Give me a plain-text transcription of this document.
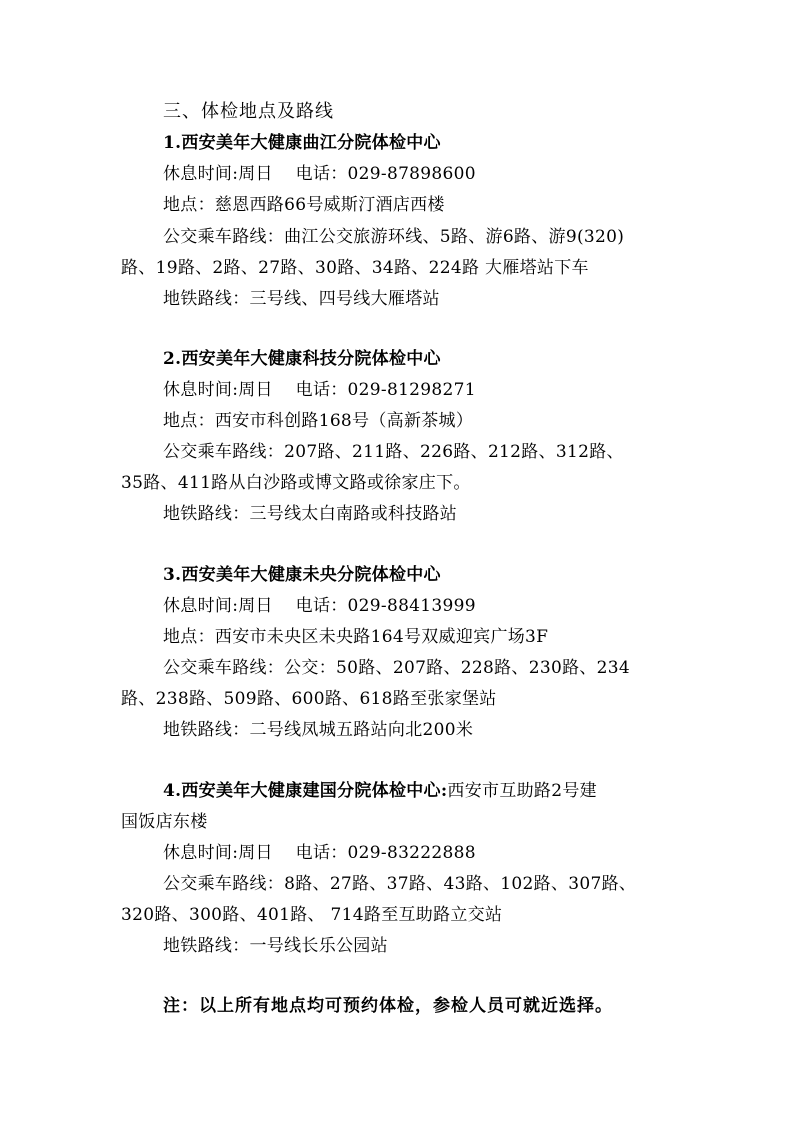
三、体检地点及路线
1.西安美年大健康曲江分院体检中心
休息时间:周日 电话：029-87898600
地点：慈恩西路66号威斯汀酒店西楼
公交乘车路线：曲江公交旅游环线、5路、游6路、游9(320)
路、19路、2路、27路、30路、34路、224路 大雁塔站下车
地铁路线：三号线、四号线大雁塔站
2.西安美年大健康科技分院体检中心
休息时间:周日 电话：029-81298271
地点：西安市科创路168号（高新茶城）
公交乘车路线：207路、211路、226路、212路、312路、
35路、411路从白沙路或博文路或徐家庄下。
地铁路线：三号线太白南路或科技路站
3.西安美年大健康未央分院体检中心
休息时间:周日 电话：029-88413999
地点：西安市未央区未央路164号双威迎宾广场3F
公交乘车路线：公交：50路、207路、228路、230路、234
路、238路、509路、600路、618路至张家堡站
地铁路线：二号线凤城五路站向北200米
4.西安美年大健康建国分院体检中心:西安市互助路2号建
国饭店东楼
休息时间:周日 电话：029-83222888
公交乘车路线：8路、27路、37路、43路、102路、307路、
320路、300路、401路、 714路至互助路立交站
地铁路线：一号线长乐公园站
注：以上所有地点均可预约体检，参检人员可就近选择。
